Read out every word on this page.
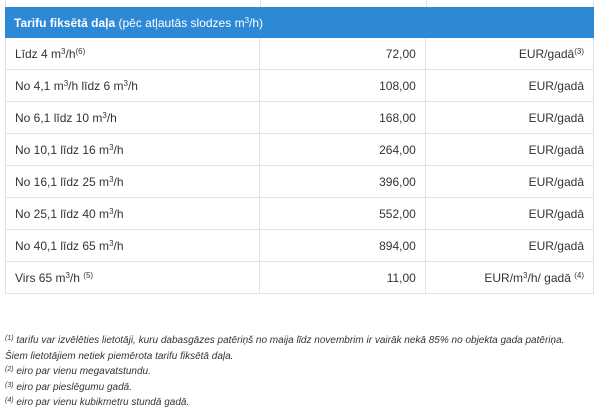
Tarifu fiksētā daļa (pēc atļautās slodzes $m^3/h$)		
Līdz 4 $m^3/h^{(6)}$	72,00	EUR/gadā$^{(3)}$
No 4,1 $m^3/h$ līdz 6 $m^3/h$	108,00	EUR/gadā
No 6,1 līdz 10 $m^3/h$	168,00	EUR/gadā
No 10,1 līdz 16 $m^3/h$	264,00	EUR/gadā
No 16,1 līdz 25 $m^3/h$	396,00	EUR/gadā
No 25,1 līdz 40 $m^3/h$	552,00	EUR/gadā
No 40,1 līdz 65 $m^3/h$	894,00	EUR/gadā
Virs 65 $m^3/h$ $^{(5)}$	11,00	EUR/$m^3/h/$ gadā $^{(4)}$
$^{(1)}$ tarifu var izvēlēties lietotāji, kuru dabasgāzes patēriņš no maija līdz novembrim ir vairāk nekā 85% no objekta gada patēriņa.
Šiem lietotājiem netiek piemērota tarifu fiksētā daļa.
$^{(2)}$ eiro par vienu megavatstundu.
$^{(3)}$ eiro par pieslēgumu gadā.
$^{(4)}$ eiro par vienu kubikmetru stundā gadā.
